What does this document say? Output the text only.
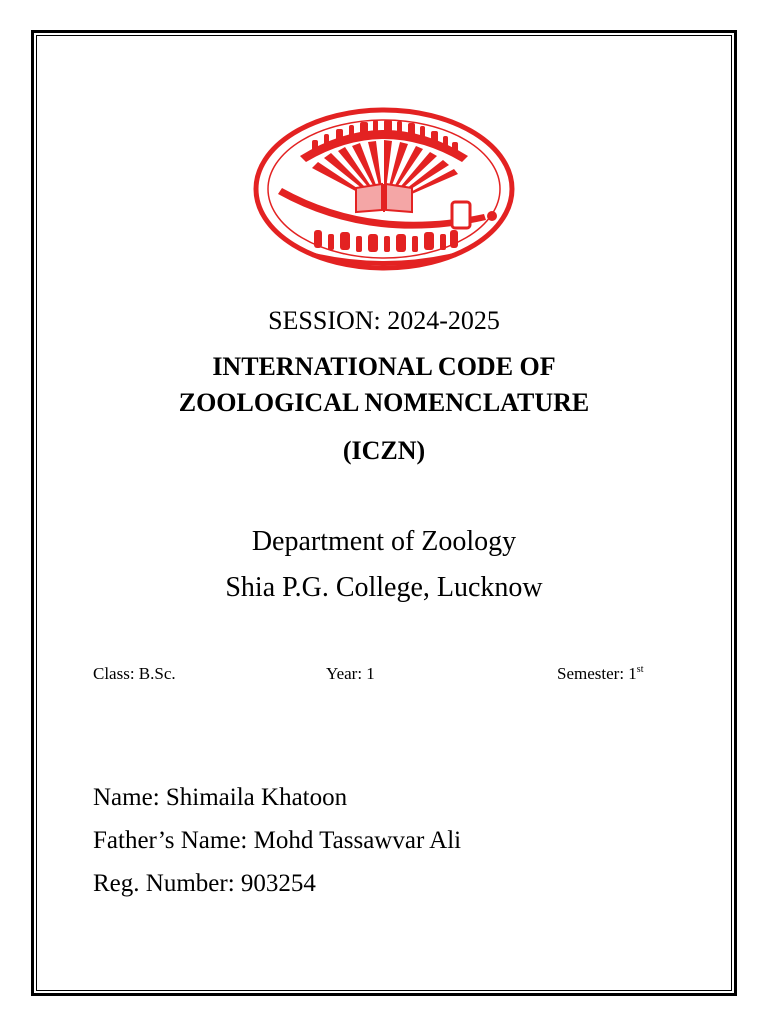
SESSION: 2024-2025
INTERNATIONAL CODE OF
ZOOLOGICAL NOMENCLATURE
(ICZN)
Department of Zoology
Shia P.G. College, Lucknow
Class: B.Sc.	Year: 1	Semester: 1st
Name: Shimaila Khatoon
Father’s Name: Mohd Tassawvar Ali
Reg. Number: 903254
